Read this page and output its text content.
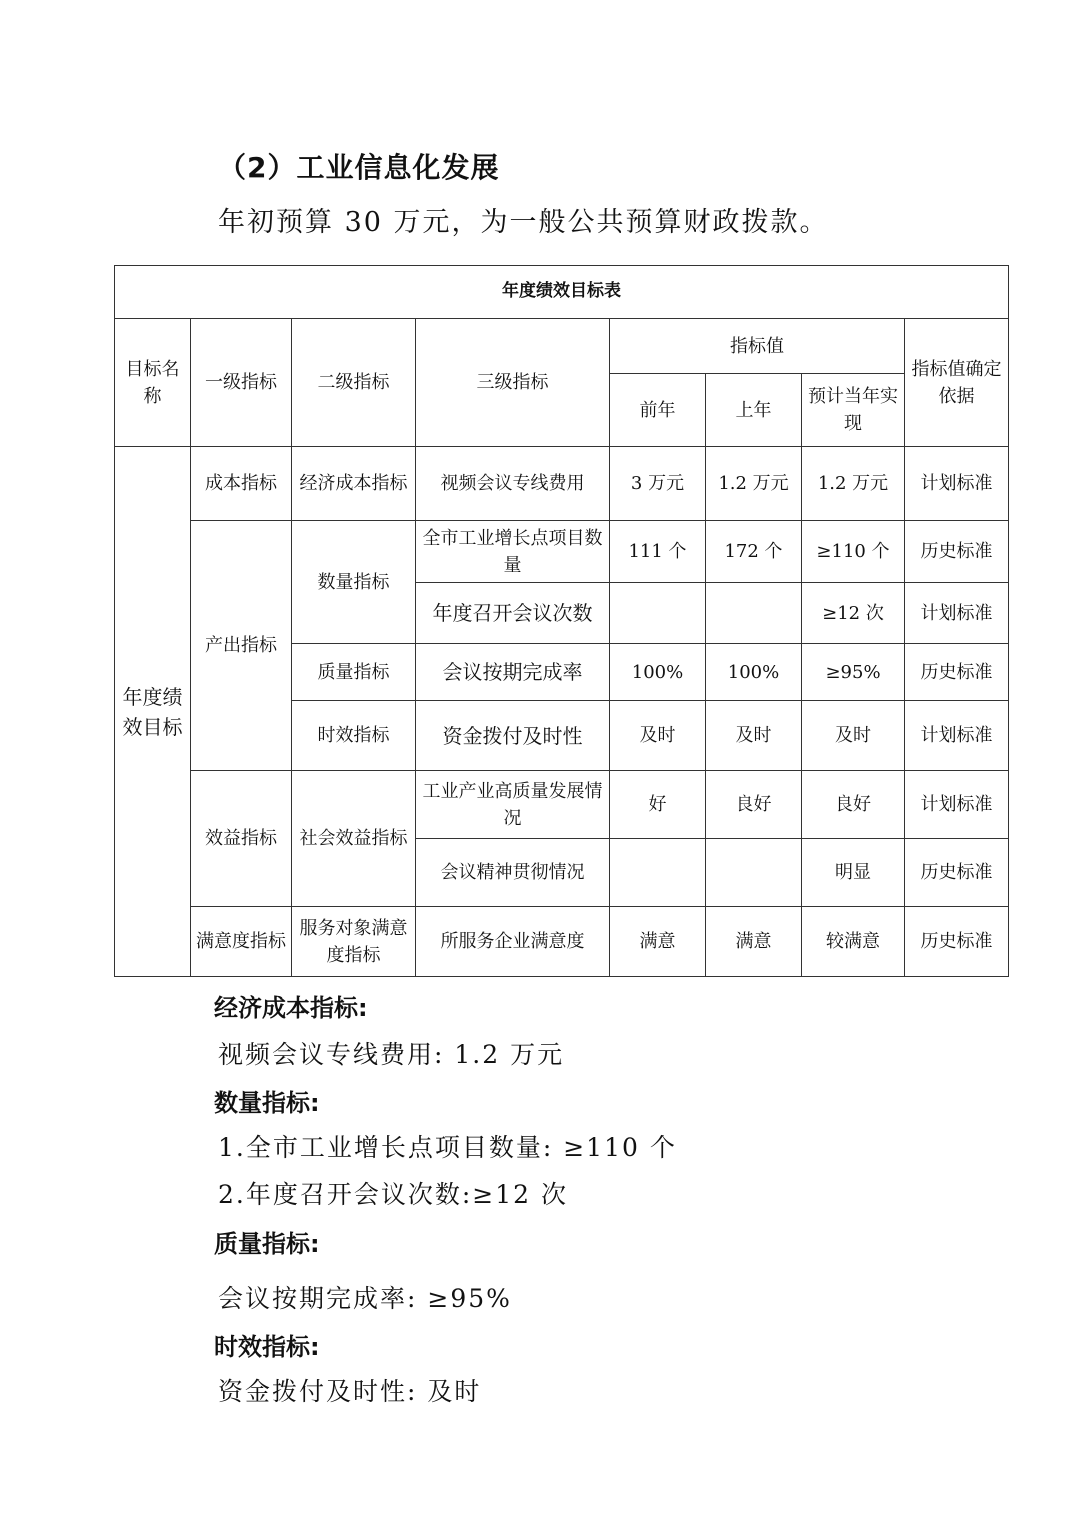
（2）工业信息化发展
年初预算 30 万元，为一般公共预算财政拨款。
年度绩效目标表							
目标名称	一级指标	二级指标	三级指标	指标值			指标值确定依据
				前年	上年	预计当年实现	
年度绩效目标	成本指标	经济成本指标	视频会议专线费用	3 万元	1.2 万元	1.2 万元	计划标准
	产出指标	数量指标	全市工业增长点项目数量	111 个	172 个	≥110 个	历史标准
			年度召开会议次数			≥12 次	计划标准
		质量指标	会议按期完成率	100%	100%	≥95%	历史标准
		时效指标	资金拨付及时性	及时	及时	及时	计划标准
	效益指标	社会效益指标	工业产业高质量发展情况	好	良好	良好	计划标准
			会议精神贯彻情况			明显	历史标准
	满意度指标	服务对象满意度指标	所服务企业满意度	满意	满意	较满意	历史标准
经济成本指标:
视频会议专线费用: 1.2 万元
数量指标:
1.全市工业增长点项目数量: ≥110 个
2.年度召开会议次数:≥12 次
质量指标:
会议按期完成率: ≥95%
时效指标:
资金拨付及时性: 及时
